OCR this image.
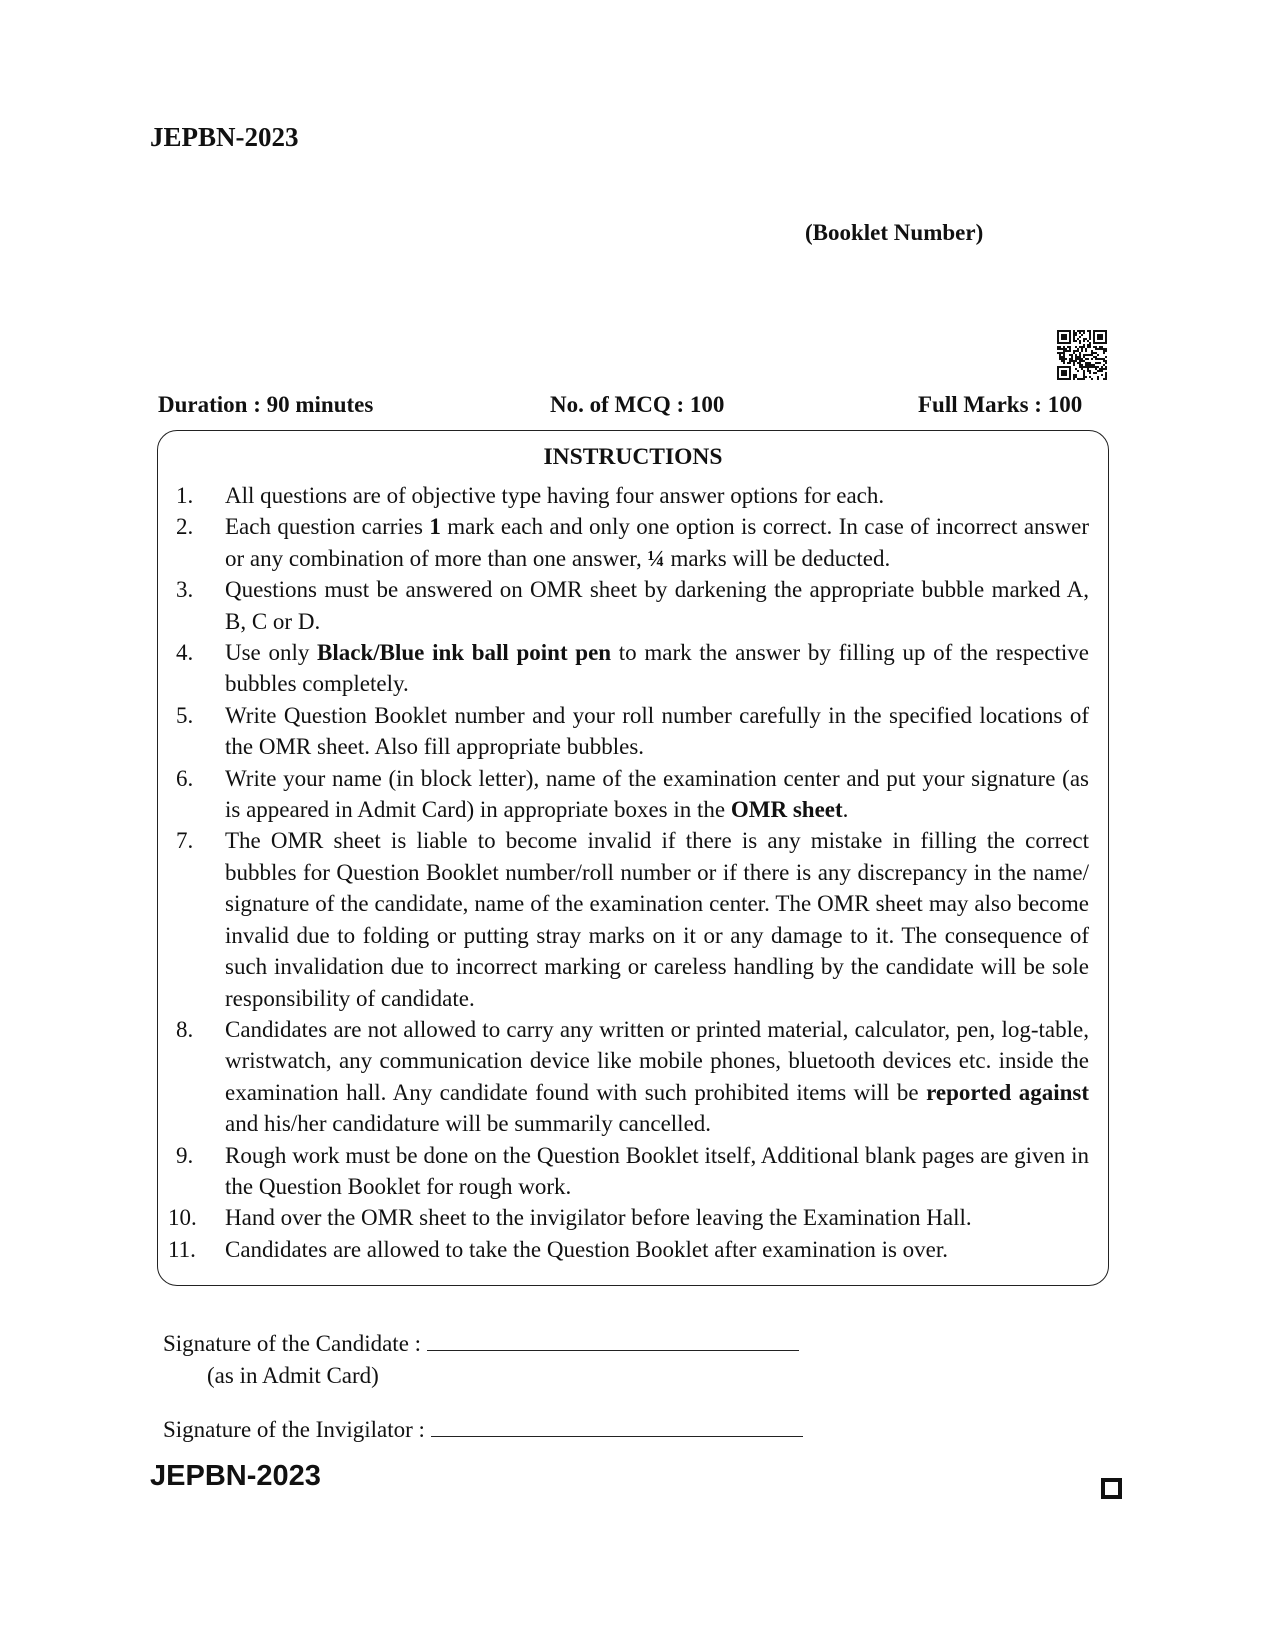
JEPBN-2023
(Booklet Number)
Duration : 90 minutes	No. of MCQ : 100	Full Marks : 100
INSTRUCTIONS
1. All questions are of objective type having four answer options for each.
2. Each question carries 1 mark each and only one option is correct. In case of incorrect answer or any combination of more than one answer, ¼ marks will be deducted.
3. Questions must be answered on OMR sheet by darkening the appropriate bubble marked A, B, C or D.
4. Use only Black/Blue ink ball point pen to mark the answer by filling up of the respective bubbles completely.
5. Write Question Booklet number and your roll number carefully in the specified locations of the OMR sheet. Also fill appropriate bubbles.
6. Write your name (in block letter), name of the examination center and put your signature (as is appeared in Admit Card) in appropriate boxes in the OMR sheet.
7. The OMR sheet is liable to become invalid if there is any mistake in filling the correct bubbles for Question Booklet number/roll number or if there is any discrepancy in the name/ signature of the candidate, name of the examination center. The OMR sheet may also become invalid due to folding or putting stray marks on it or any damage to it. The consequence of such invalidation due to incorrect marking or careless handling by the candidate will be sole responsibility of candidate.
8. Candidates are not allowed to carry any written or printed material, calculator, pen, log-table, wristwatch, any communication device like mobile phones, bluetooth devices etc. inside the examination hall. Any candidate found with such prohibited items will be reported against and his/her candidature will be summarily cancelled.
9. Rough work must be done on the Question Booklet itself, Additional blank pages are given in the Question Booklet for rough work.
10. Hand over the OMR sheet to the invigilator before leaving the Examination Hall.
11. Candidates are allowed to take the Question Booklet after examination is over.
Signature of the Candidate :
(as in Admit Card)
Signature of the Invigilator :
JEPBN-2023
